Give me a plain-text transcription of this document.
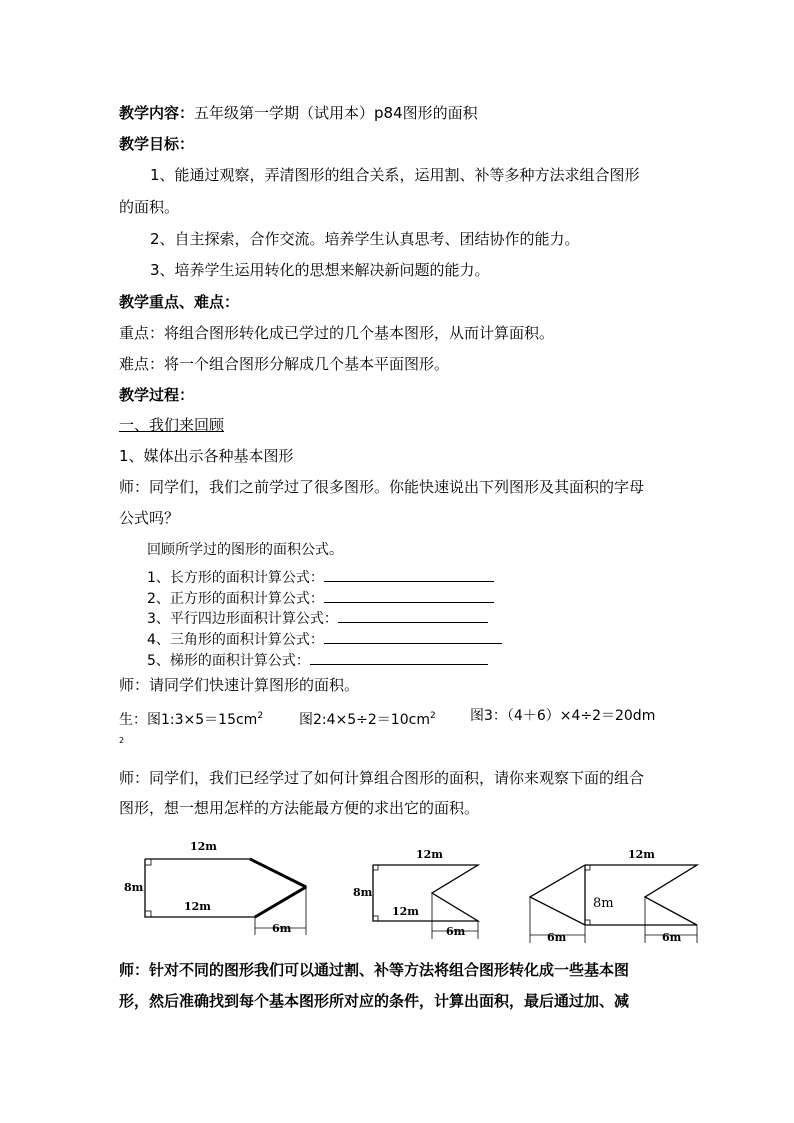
教学内容：五年级第一学期（试用本）p84图形的面积
教学目标：
1、能通过观察，弄清图形的组合关系，运用割、补等多种方法求组合图形
的面积。
2、自主探索，合作交流。培养学生认真思考、团结协作的能力。
3、培养学生运用转化的思想来解决新问题的能力。
教学重点、难点：
重点：将组合图形转化成已学过的几个基本图形，从而计算面积。
难点：将一个组合图形分解成几个基本平面图形。
教学过程：
一、我们来回顾
1、媒体出示各种基本图形
师：同学们，我们之前学过了很多图形。你能快速说出下列图形及其面积的字母
公式吗？
回顾所学过的图形的面积公式。
1、长方形的面积计算公式：
2、正方形的面积计算公式：
3、平行四边形面积计算公式：
4、三角形的面积计算公式：
5、梯形的面积计算公式：
师：请同学们快速计算图形的面积。
生：图$1:3\times 5=15cm^2$	图$2:4\times 5\div 2=10cm^2$ 图3：（4＋6）×4÷2＝20dm
2
师：同学们，我们已经学过了如何计算组合图形的面积，请你来观察下面的组合
图形，想一想用怎样的方法能最方便的求出它的面积。
12m
8m
12m
6m
12m
8m
12m
6m
12m
8m
6m	6m
师：针对不同的图形我们可以通过割、补等方法将组合图形转化成一些基本图
形，然后准确找到每个基本图形所对应的条件，计算出面积，最后通过加、减
